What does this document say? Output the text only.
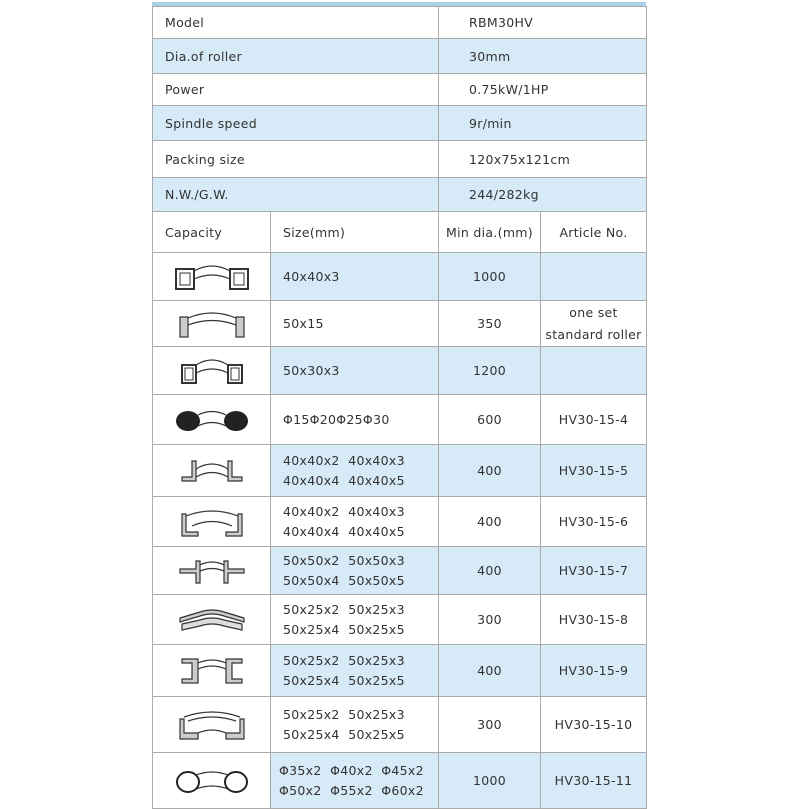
Model		RBM30HV	
Dia.of roller		30mm	
Power		0.75kW/1HP	
Spindle speed		9r/min	
Packing size		120x75x121cm	
N.W./G.W.		244/282kg	
Capacity	Size(mm)	Min dia.(mm)	Article No.

40x40x3	1000	

50x15	350	one set
standard roller

50x30x3	1200	

Φ15Φ20Φ25Φ30	600	HV30-15-4

40x40x2  40x40x3
40x40x4  40x40x5	400	HV30-15-5

40x40x2  40x40x3
40x40x4  40x40x5	400	HV30-15-6

50x50x2  50x50x3
50x50x4  50x50x5	400	HV30-15-7

50x25x2  50x25x3
50x25x4  50x25x5	300	HV30-15-8

50x25x2  50x25x3
50x25x4  50x25x5	400	HV30-15-9

50x25x2  50x25x3
50x25x4  50x25x5	300	HV30-15-10

Φ35x2  Φ40x2  Φ45x2
Φ50x2  Φ55x2  Φ60x2	1000	HV30-15-11
